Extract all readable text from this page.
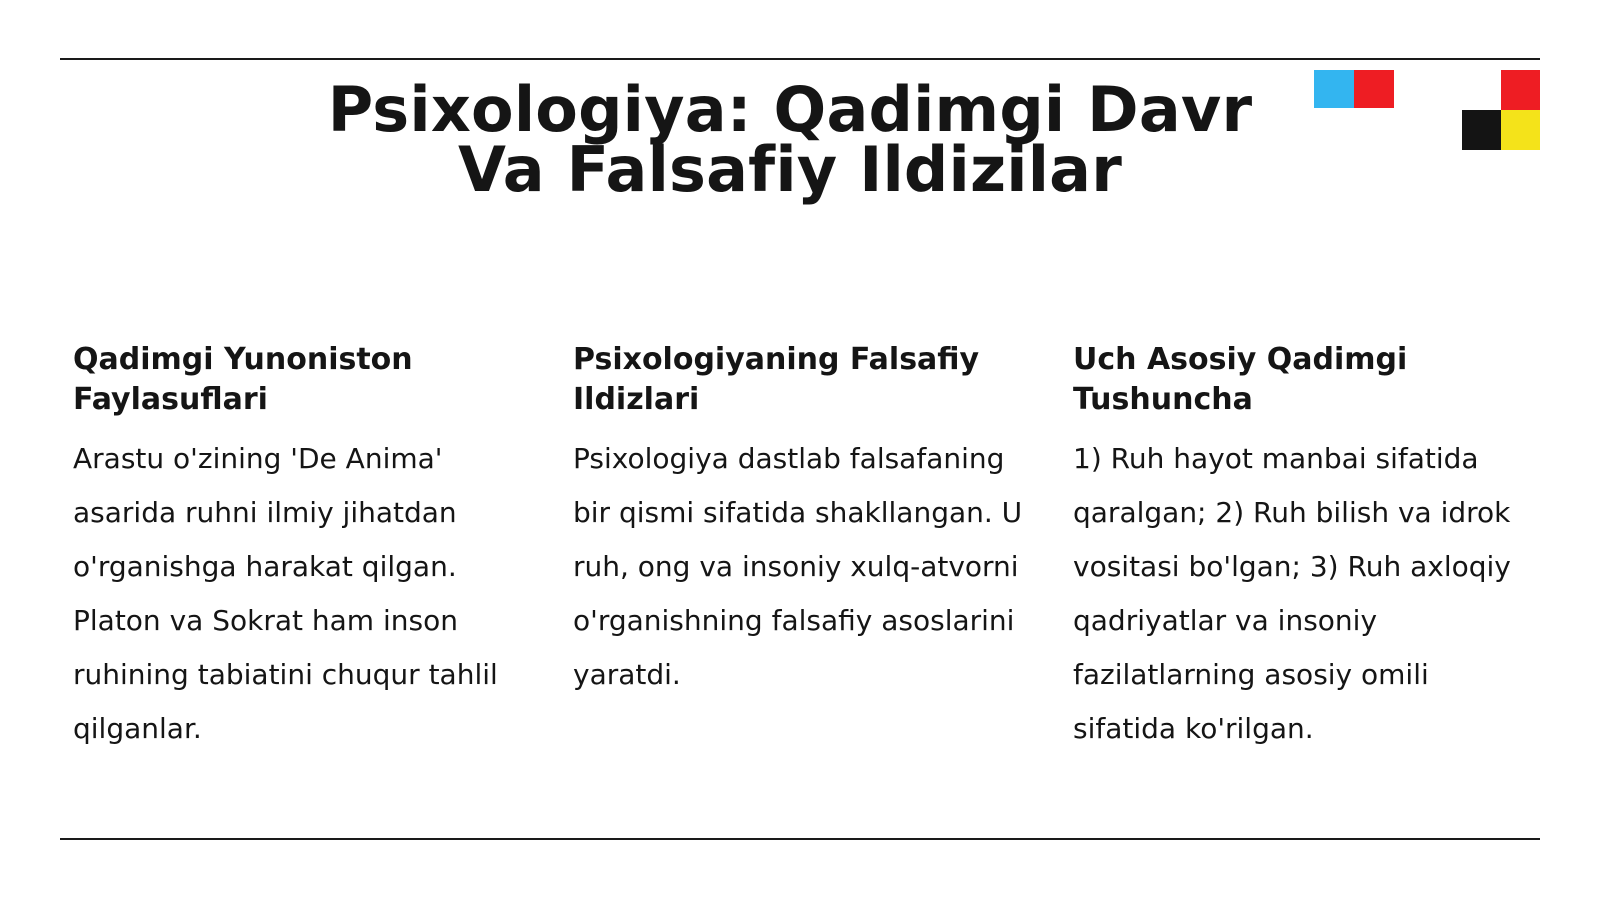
Psixologiya: Qadimgi Davr
Va Falsafiy Ildizilar
Qadimgi Yunoniston Faylasuflari

Arastu o'zining 'De Anima' asarida ruhni ilmiy jihatdan o'rganishga harakat qilgan. Platon va Sokrat ham inson ruhining tabiatini chuqur tahlil qilganlar.

Psixologiyaning Falsafiy Ildizlari

Psixologiya dastlab falsafaning bir qismi sifatida shakllangan. U ruh, ong va insoniy xulq-atvorni o'rganishning falsafiy asoslarini yaratdi.

Uch Asosiy Qadimgi Tushuncha

1) Ruh hayot manbai sifatida qaralgan; 2) Ruh bilish va idrok vositasi bo'lgan; 3) Ruh axloqiy qadriyatlar va insoniy fazilatlarning asosiy omili sifatida ko'rilgan.
